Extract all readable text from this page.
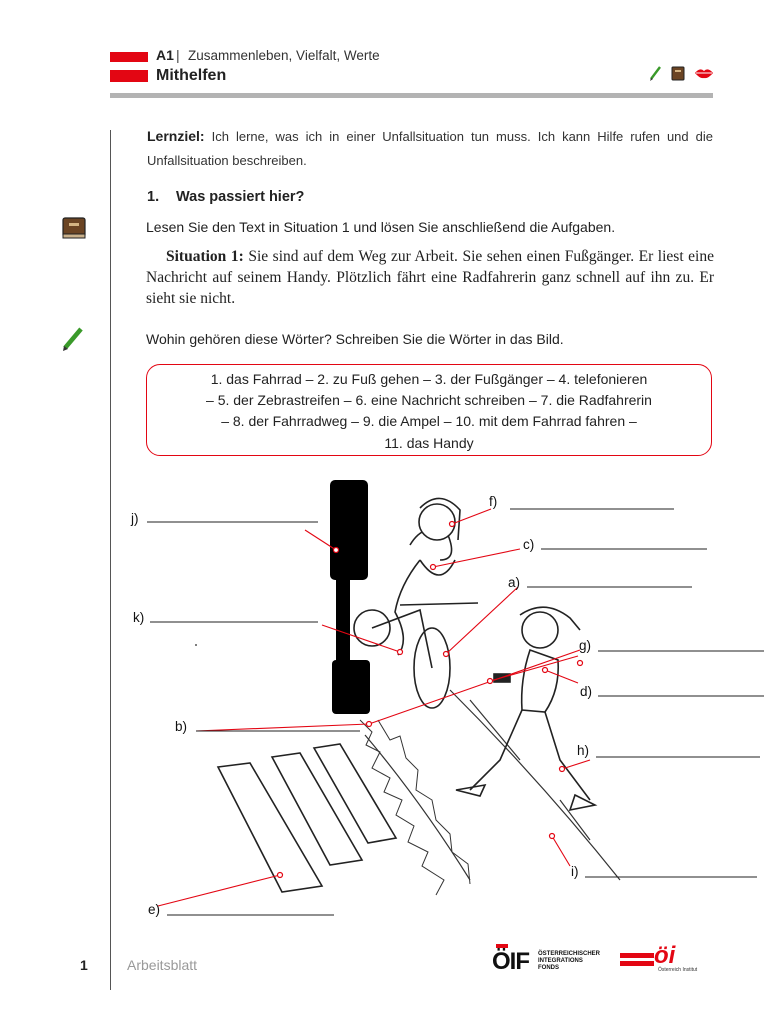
A1 | Zusammenleben, Vielfalt, Werte
Mithelfen
Lernziel: Ich lerne, was ich in einer Unfallsituation tun muss. Ich kann Hilfe rufen und die Unfallsituation beschreiben.
1. Was passiert hier?
Lesen Sie den Text in Situation 1 und lösen Sie anschließend die Aufgaben.
Situation 1: Sie sind auf dem Weg zur Arbeit. Sie sehen einen Fußgänger. Er liest eine Nachricht auf seinem Handy. Plötzlich fährt eine Radfahrerin ganz schnell auf ihn zu. Er sieht sie nicht.
Wohin gehören diese Wörter? Schreiben Sie die Wörter in das Bild.
1. das Fahrrad – 2. zu Fuß gehen – 3. der Fußgänger – 4. telefonieren
– 5. der Zebrastreifen – 6. eine Nachricht schreiben – 7. die Radfahrerin
– 8. der Fahrradweg – 9. die Ampel – 10. mit dem Fahrrad fahren –
11. das Handy
j)
k)
b)
f)
c)
a)
g)
d)
h)
i)
e)
1	Arbeitsblatt	ÖIF ÖSTERREICHISCHER
INTEGRATIONS
FONDS	öi
Österreich Institut
